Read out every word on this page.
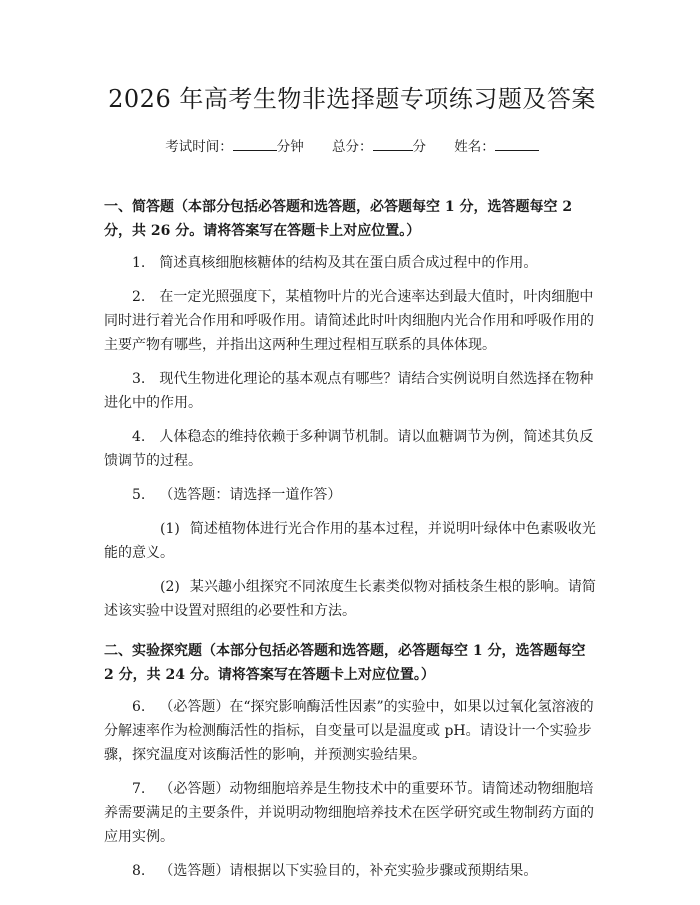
2026 年高考生物非选择题专项练习题及答案
考试时间：	分钟 总分：	分 姓名：

一、简答题（本部分包括必答题和选答题，必答题每空 1 分，选答题每空 2 分，共 26 分。请将答案写在答题卡上对应位置。）

1. 简述真核细胞核糖体的结构及其在蛋白质合成过程中的作用。

2. 在一定光照强度下，某植物叶片的光合速率达到最大值时，叶肉细胞中同时进行着光合作用和呼吸作用。请简述此时叶肉细胞内光合作用和呼吸作用的主要产物有哪些，并指出这两种生理过程相互联系的具体体现。

3. 现代生物进化理论的基本观点有哪些？请结合实例说明自然选择在物种进化中的作用。

4. 人体稳态的维持依赖于多种调节机制。请以血糖调节为例，简述其负反馈调节的过程。

5. （选答题：请选择一道作答）

(1) 简述植物体进行光合作用的基本过程，并说明叶绿体中色素吸收光能的意义。

(2) 某兴趣小组探究不同浓度生长素类似物对插枝条生根的影响。请简述该实验中设置对照组的必要性和方法。

二、实验探究题（本部分包括必答题和选答题，必答题每空 1 分，选答题每空 2 分，共 24 分。请将答案写在答题卡上对应位置。）

6. （必答题）在“探究影响酶活性因素”的实验中，如果以过氧化氢溶液的分解速率作为检测酶活性的指标，自变量可以是温度或 pH。请设计一个实验步骤，探究温度对该酶活性的影响，并预测实验结果。

7. （必答题）动物细胞培养是生物技术中的重要环节。请简述动物细胞培养需要满足的主要条件，并说明动物细胞培养技术在医学研究或生物制药方面的应用实例。

8. （选答题）请根据以下实验目的，补充实验步骤或预期结果。
